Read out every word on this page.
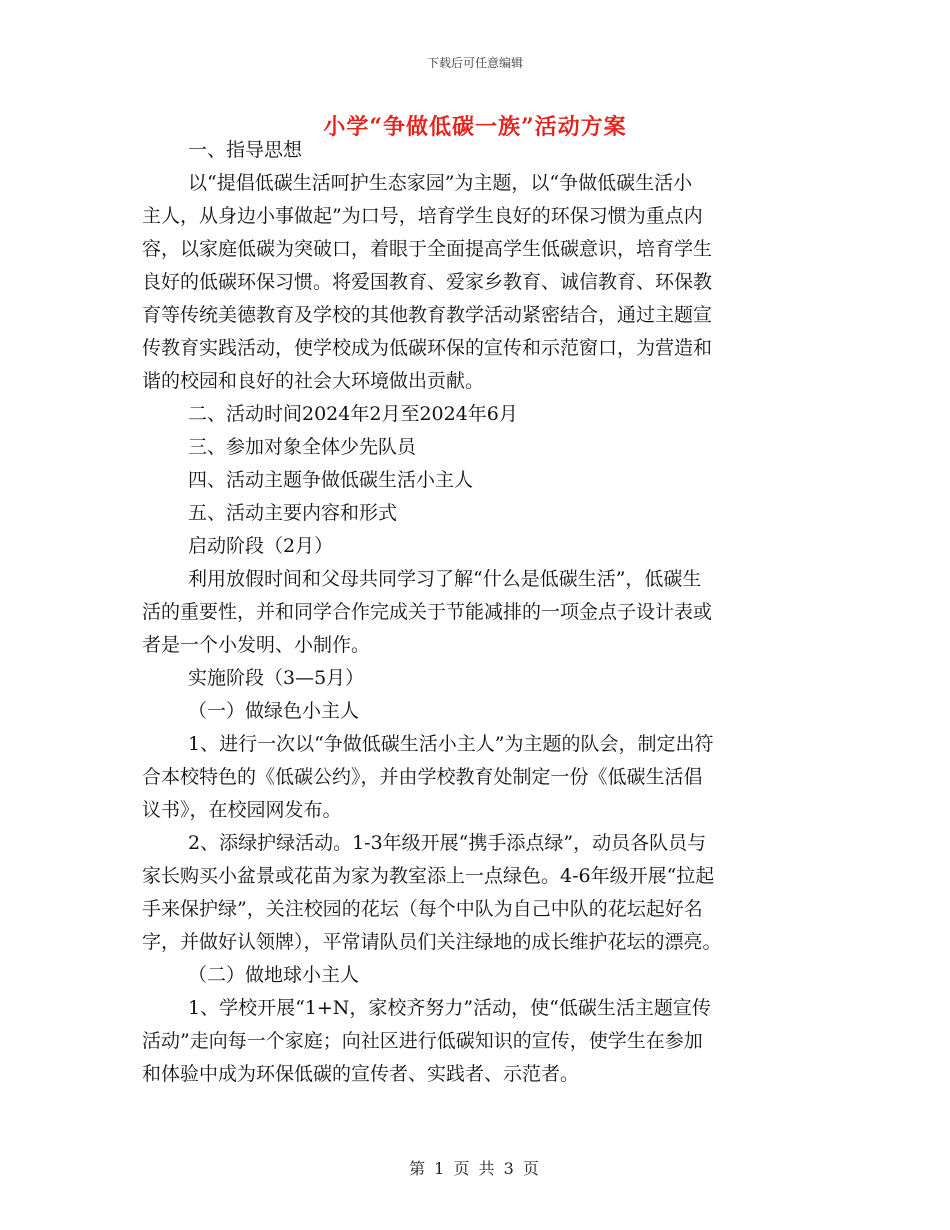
下载后可任意编辑
小学“争做低碳一族”活动方案
一、指导思想
以“提倡低碳生活呵护生态家园”为主题，以“争做低碳生活小
主人，从身边小事做起”为口号，培育学生良好的环保习惯为重点内
容，以家庭低碳为突破口，着眼于全面提高学生低碳意识，培育学生
良好的低碳环保习惯。将爱国教育、爱家乡教育、诚信教育、环保教
育等传统美德教育及学校的其他教育教学活动紧密结合，通过主题宣
传教育实践活动，使学校成为低碳环保的宣传和示范窗口，为营造和
谐的校园和良好的社会大环境做出贡献。
二、活动时间2024年2月至2024年6月
三、参加对象全体少先队员
四、活动主题争做低碳生活小主人
五、活动主要内容和形式
启动阶段（2月）
利用放假时间和父母共同学习了解“什么是低碳生活”，低碳生
活的重要性，并和同学合作完成关于节能减排的一项金点子设计表或
者是一个小发明、小制作。
实施阶段（3—5月）
（一）做绿色小主人
1、进行一次以“争做低碳生活小主人”为主题的队会，制定出符
合本校特色的《低碳公约》，并由学校教育处制定一份《低碳生活倡
议书》，在校园网发布。
2、添绿护绿活动。1-3年级开展“携手添点绿”，动员各队员与
家长购买小盆景或花苗为家为教室添上一点绿色。4-6年级开展“拉起
手来保护绿”，关注校园的花坛（每个中队为自己中队的花坛起好名
字，并做好认领牌），平常请队员们关注绿地的成长维护花坛的漂亮。
（二）做地球小主人
1、学校开展“1+N，家校齐努力”活动，使“低碳生活主题宣传
活动”走向每一个家庭；向社区进行低碳知识的宣传，使学生在参加
和体验中成为环保低碳的宣传者、实践者、示范者。
第 1 页 共 3 页
